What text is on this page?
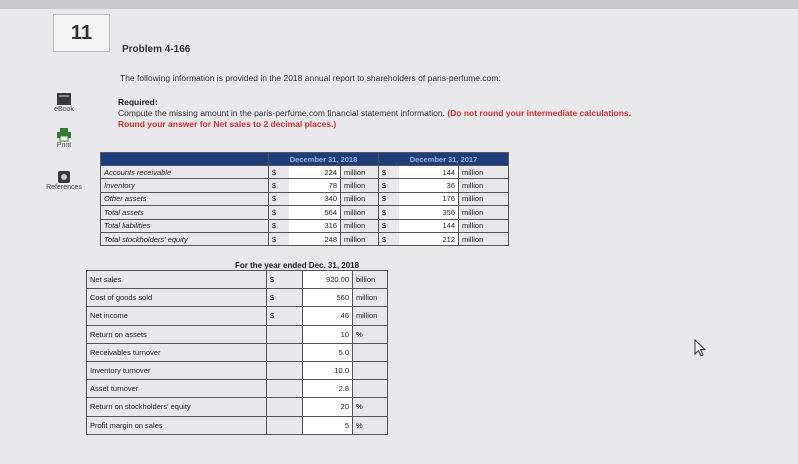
11
eBook
Print
References
Problem 4-166
The following information is provided in the 2018 annual report to shareholders of paris-perfume.com:
Required:
Compute the missing amount in the paris-perfume.com financial statement information. (Do not round your intermediate calculations.
Round your answer for Net sales to 2 decimal places.)
	December 31, 2018			December 31, 2017		
Accounts receivable	$	224	million	$	144	million
Inventory	$	78	million	$	36	million
Other assets	$	340	million	$	176	million
Total assets	$	564	million	$	356	million
Total liabilities	$	316	million	$	144	million
Total stockholders' equity	$	248	million	$	212	million
For the year ended Dec. 31, 2018
Net sales	$	920.00	billion
Cost of goods sold	$	560	million
Net income	$	46	million
Return on assets		10	%
Receivables turnover		5.0	
Inventory turnover		10.0	
Asset turnover		2.8	
Return on stockholders' equity		20	%
Profit margin on sales		5	%
